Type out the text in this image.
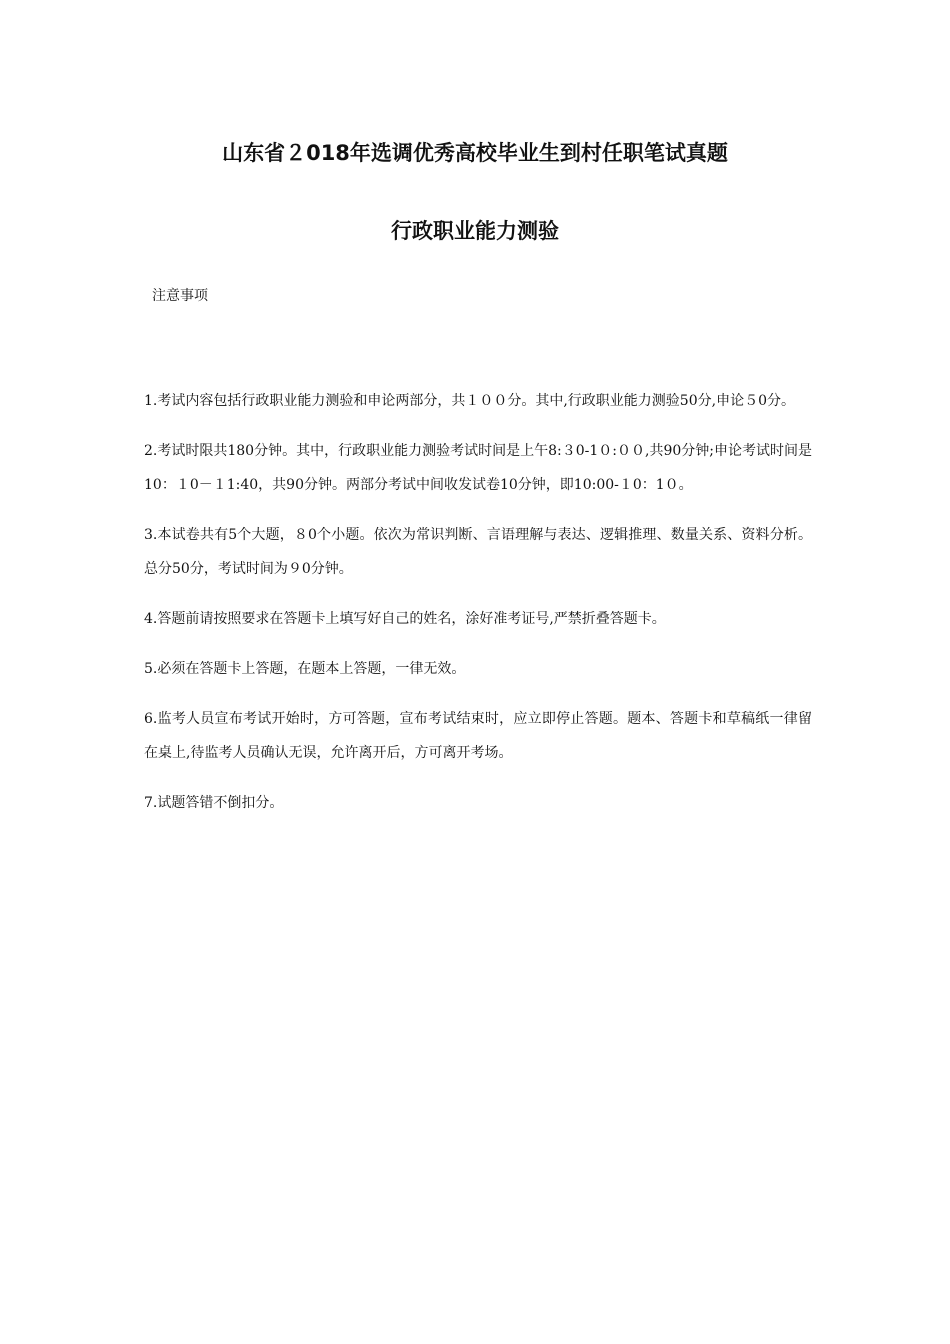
山东省２018年选调优秀高校毕业生到村任职笔试真题
行政职业能力测验

注意事项

1.考试内容包括行政职业能力测验和申论两部分，共１００分。其中,行政职业能力测验50分,申论５0分。
2.考试时限共180分钟。其中，行政职业能力测验考试时间是上午8:３0-1０:００,共90分钟;申论考试时间是10：１0－１1:40，共90分钟。两部分考试中间收发试卷10分钟，即10:00-１0：1０。
3.本试卷共有5个大题，８0个小题。依次为常识判断、言语理解与表达、逻辑推理、数量关系、资料分析。总分50分，考试时间为９0分钟。
4.答题前请按照要求在答题卡上填写好自己的姓名，涂好准考证号,严禁折叠答题卡。
5.必须在答题卡上答题，在题本上答题，一律无效。
6.监考人员宣布考试开始时，方可答题，宣布考试结束时，应立即停止答题。题本、答题卡和草稿纸一律留在桌上,待监考人员确认无误，允许离开后，方可离开考场。
7.试题答错不倒扣分。
